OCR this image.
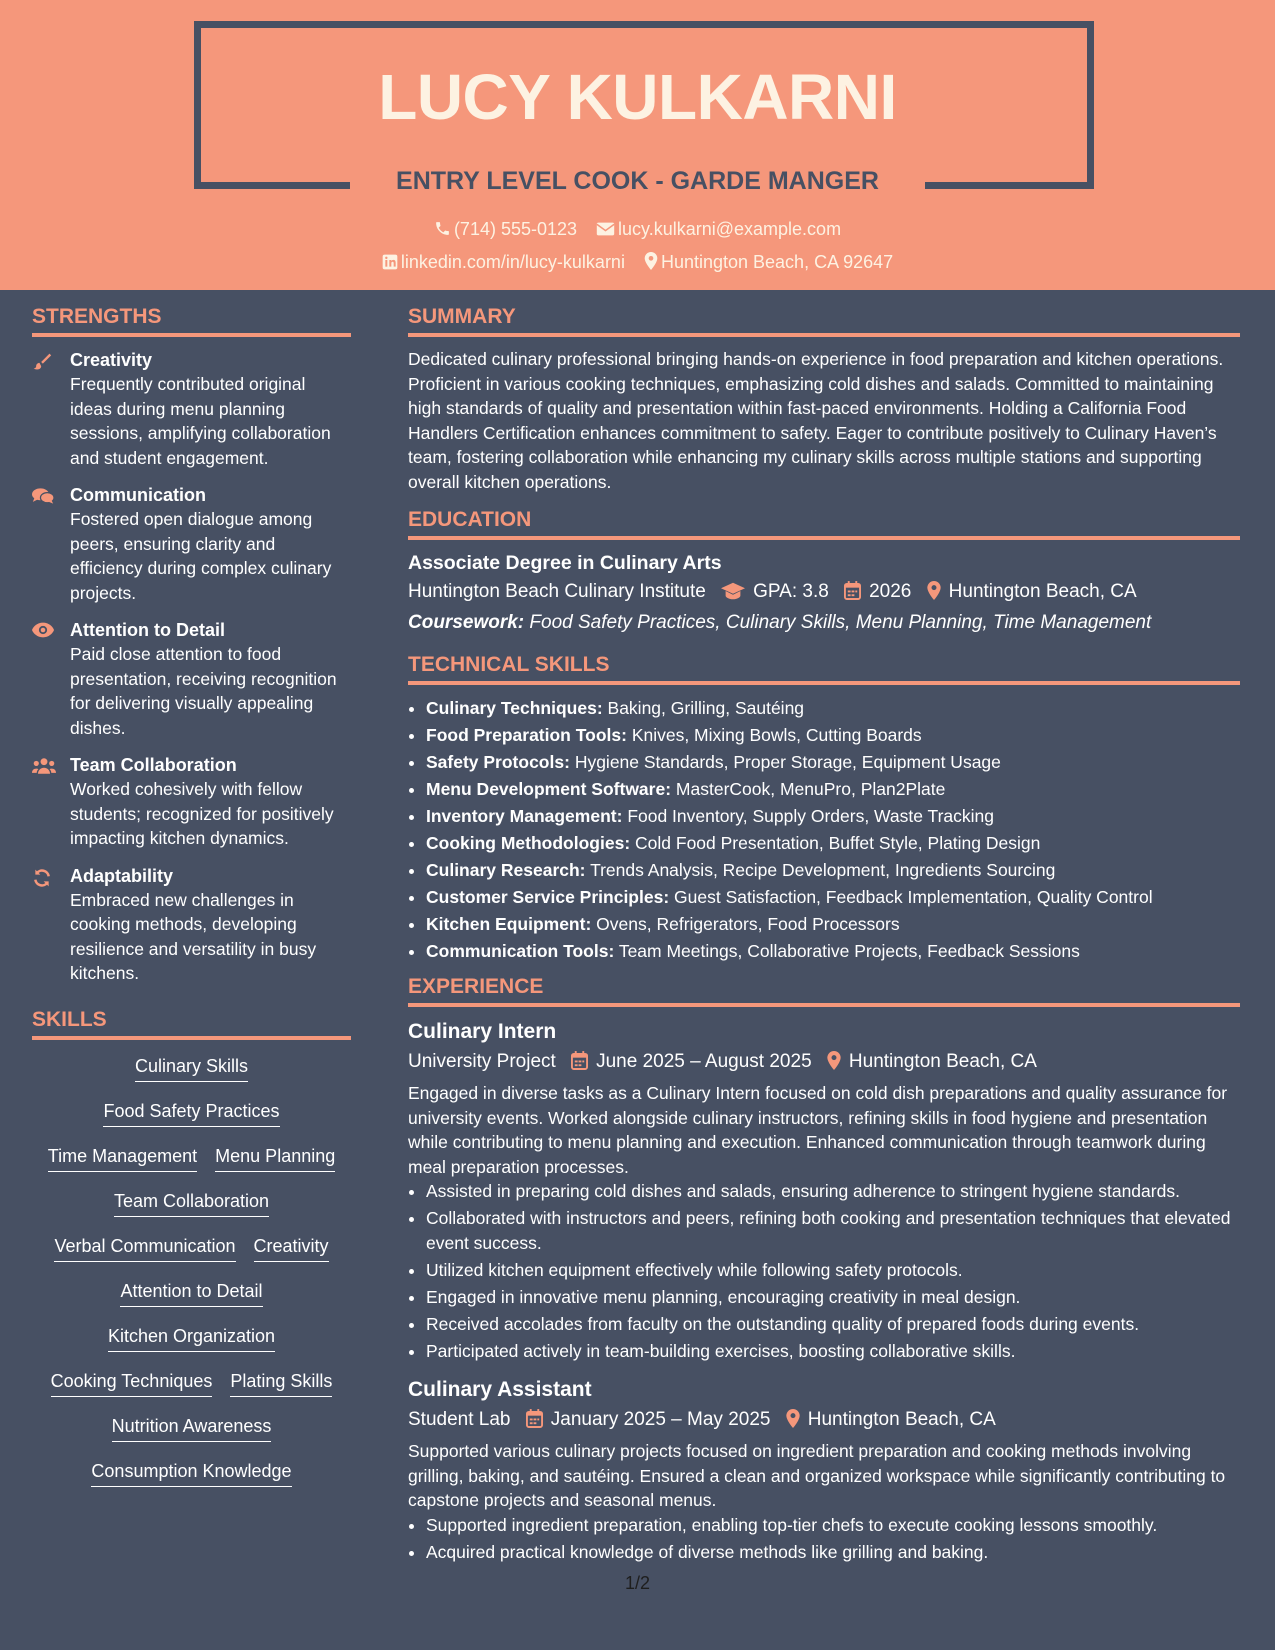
LUCY KULKARNI
ENTRY LEVEL COOK - GARDE MANGER
(714) 555-0123 lucy.kulkarni@example.com
linkedin.com/in/lucy-kulkarni Huntington Beach, CA 92647
STRENGTHS
Creativity
Frequently contributed original ideas during menu planning sessions, amplifying collaboration and student engagement.
Communication
Fostered open dialogue among peers, ensuring clarity and efficiency during complex culinary projects.
Attention to Detail
Paid close attention to food presentation, receiving recognition for delivering visually appealing dishes.
Team Collaboration
Worked cohesively with fellow students; recognized for positively impacting kitchen dynamics.
Adaptability
Embraced new challenges in cooking methods, developing resilience and versatility in busy kitchens.
SKILLS
Culinary Skills
Food Safety Practices
Time Management Menu Planning
Team Collaboration
Verbal Communication Creativity
Attention to Detail
Kitchen Organization
Cooking Techniques Plating Skills
Nutrition Awareness
Consumption Knowledge
SUMMARY
Dedicated culinary professional bringing hands-on experience in food preparation and kitchen operations. Proficient in various cooking techniques, emphasizing cold dishes and salads. Committed to maintaining high standards of quality and presentation within fast-paced environments. Holding a California Food Handlers Certification enhances commitment to safety. Eager to contribute positively to Culinary Haven’s team, fostering collaboration while enhancing my culinary skills across multiple stations and supporting overall kitchen operations.
EDUCATION
Associate Degree in Culinary Arts
Huntington Beach Culinary Institute GPA: 3.8 2026 Huntington Beach, CA
Coursework: Food Safety Practices, Culinary Skills, Menu Planning, Time Management
TECHNICAL SKILLS
• Culinary Techniques: Baking, Grilling, Sautéing
• Food Preparation Tools: Knives, Mixing Bowls, Cutting Boards
• Safety Protocols: Hygiene Standards, Proper Storage, Equipment Usage
• Menu Development Software: MasterCook, MenuPro, Plan2Plate
• Inventory Management: Food Inventory, Supply Orders, Waste Tracking
• Cooking Methodologies: Cold Food Presentation, Buffet Style, Plating Design
• Culinary Research: Trends Analysis, Recipe Development, Ingredients Sourcing
• Customer Service Principles: Guest Satisfaction, Feedback Implementation, Quality Control
• Kitchen Equipment: Ovens, Refrigerators, Food Processors
• Communication Tools: Team Meetings, Collaborative Projects, Feedback Sessions
EXPERIENCE
Culinary Intern
University Project June 2025 – August 2025 Huntington Beach, CA
Engaged in diverse tasks as a Culinary Intern focused on cold dish preparations and quality assurance for university events. Worked alongside culinary instructors, refining skills in food hygiene and presentation while contributing to menu planning and execution. Enhanced communication through teamwork during meal preparation processes.
• Assisted in preparing cold dishes and salads, ensuring adherence to stringent hygiene standards.
• Collaborated with instructors and peers, refining both cooking and presentation techniques that elevated event success.
• Utilized kitchen equipment effectively while following safety protocols.
• Engaged in innovative menu planning, encouraging creativity in meal design.
• Received accolades from faculty on the outstanding quality of prepared foods during events.
• Participated actively in team-building exercises, boosting collaborative skills.
Culinary Assistant
Student Lab January 2025 – May 2025 Huntington Beach, CA
Supported various culinary projects focused on ingredient preparation and cooking methods involving grilling, baking, and sautéing. Ensured a clean and organized workspace while significantly contributing to capstone projects and seasonal menus.
• Supported ingredient preparation, enabling top-tier chefs to execute cooking lessons smoothly.
• Acquired practical knowledge of diverse methods like grilling and baking.
1/2
